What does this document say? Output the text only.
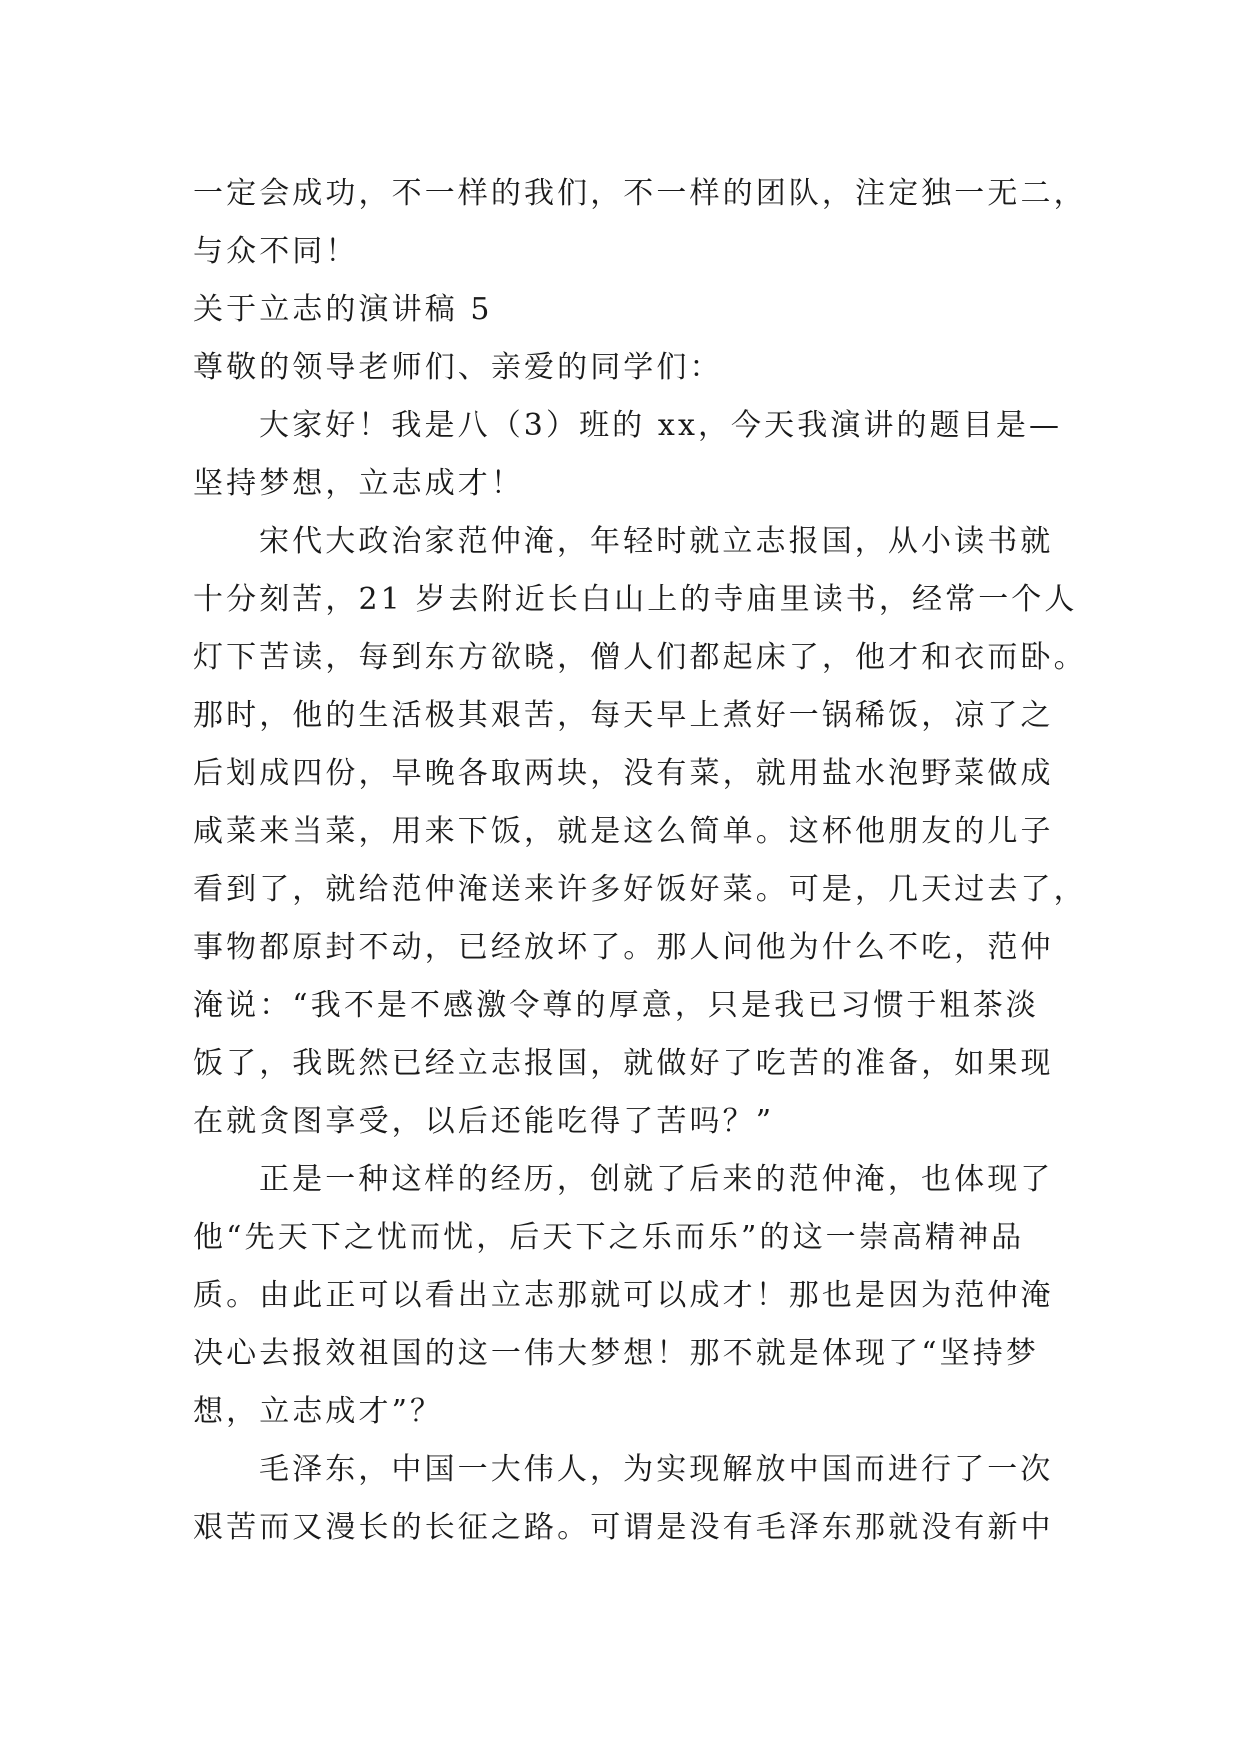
一定会成功，不一样的我们，不一样的团队，注定独一无二，
与众不同！
关于立志的演讲稿 5
尊敬的领导老师们、亲爱的同学们：
大家好！我是八（3）班的 xx，今天我演讲的题目是—
坚持梦想，立志成才！
宋代大政治家范仲淹，年轻时就立志报国，从小读书就
十分刻苦，21 岁去附近长白山上的寺庙里读书，经常一个人
灯下苦读，每到东方欲晓，僧人们都起床了，他才和衣而卧。
那时，他的生活极其艰苦，每天早上煮好一锅稀饭，凉了之
后划成四份，早晚各取两块，没有菜，就用盐水泡野菜做成
咸菜来当菜，用来下饭，就是这么简单。这杯他朋友的儿子
看到了，就给范仲淹送来许多好饭好菜。可是，几天过去了，
事物都原封不动，已经放坏了。那人问他为什么不吃，范仲
淹说：“我不是不感激令尊的厚意，只是我已习惯于粗茶淡
饭了，我既然已经立志报国，就做好了吃苦的准备，如果现
在就贪图享受，以后还能吃得了苦吗？”
正是一种这样的经历，创就了后来的范仲淹，也体现了
他“先天下之忧而忧，后天下之乐而乐”的这一崇高精神品
质。由此正可以看出立志那就可以成才！那也是因为范仲淹
决心去报效祖国的这一伟大梦想！那不就是体现了“坚持梦
想，立志成才”？
毛泽东，中国一大伟人，为实现解放中国而进行了一次
艰苦而又漫长的长征之路。可谓是没有毛泽东那就没有新中
